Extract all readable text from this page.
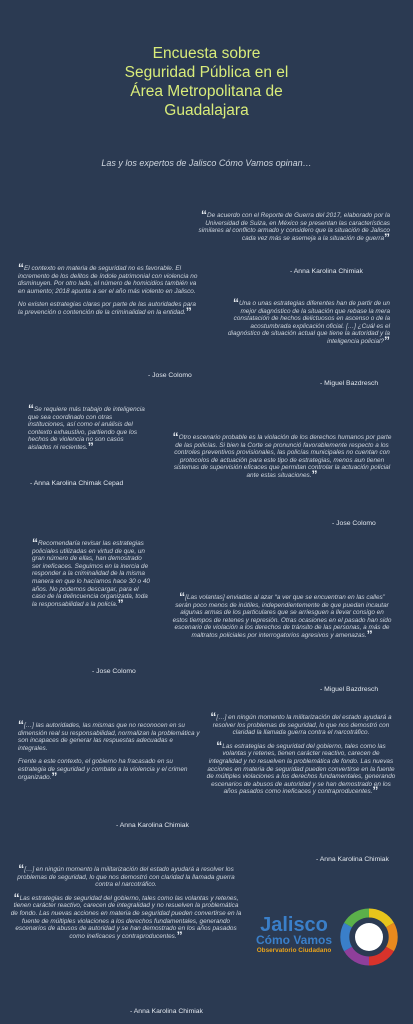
Encuesta sobre
Seguridad Pública en el
Área Metropolitana de
Guadalajara
Las y los expertos de Jalisco Cómo Vamos opinan…
“De acuerdo con el Reporte de Guerra del 2017, elaborado por la Universidad de Suiza, en México se presentan las características similares al conflicto armado y considero que la situación de Jalisco cada vez más se asemeja a la situación de guerra”
- Anna Karolina Chimiak

“El contexto en materia de seguridad no es favorable. El incremento de los delitos de índole patrimonial con violencia no disminuyen. Por otro lado, el número de homicidios también va en aumento; 2018 apunta a ser el año más violento en Jalisco.

No existen estrategias claras por parte de las autoridades para la prevención o contención de la criminalidad en la entidad.”

- Jose Colomo
“Una o unas estrategias diferentes han de partir de un mejor diagnóstico de la situación que rebase la mera constatación de hechos delictuosos en ascenso o de la acostumbrada explicación oficial. […] ¿Cuál es el diagnóstico de situación actual que tiene la autoridad y la inteligencia policial?”
- Miguel Bazdresch
“Se requiere más trabajo de inteligencia que sea coordinado con otras instituciones, así como el análisis del contexto exhaustivo, partiendo que los hechos de violencia no son casos aislados ni recientes.”
- Anna Karolina Chimak Cepad
“Otro escenario probable es la violación de los derechos humanos por parte de las policías. Si bien la Corte se pronunció favorablemente respecto a los controles preventivos provisionales, las policías municipales no cuentan con protocolos de actuación para este tipo de estrategias, menos aun tienen sistemas de supervisión eficaces que permitan controlar la actuación policial ante estas situaciones.”
- Jose Colomo
“Recomendaría revisar las estrategias policiales utilizadas en virtud de que, un gran número de ellas, han demostrado ser ineficaces. Seguimos en la inercia de responder a la criminalidad de la misma manera en que lo hacíamos hace 30 o 40 años. No podemos descargar, para el caso de la delincuencia organizada, toda la responsabilidad a la policía.”
- Jose Colomo
“[Las volantas] enviadas al azar “a ver que se encuentran en las calles” serán poco menos de inútiles, independientemente de que puedan incautar algunas armas de los particulares que se arriesguen a llevar consigo en estos tiempos de retenes y represión. Otras ocasiones en el pasado han sido escenario de violación a los derechos de tránsito de las personas, a más de maltratos policiales por interrogatorios agresivos y amenazas.”
- Miguel Bazdresch

“[…] las autoridades, las mismas que no reconocen en su dimensión real su responsabilidad, normalizan la problemática y son incapaces de generar las respuestas adecuadas e integrales.

Frente a este contexto, el gobierno ha fracasado en su estrategia de seguridad y combate a la violencia y el crimen organizado.”

- Anna Karolina Chimiak

“[…] en ningún momento la militarización del estado ayudará a resolver los problemas de seguridad, lo que nos demostró con claridad la llamada guerra contra el narcotráfico.

“Las estrategias de seguridad del gobierno, tales como las volantas y retenes, tienen carácter reactivo, carecen de integralidad y no resuelven la problemática de fondo. Las nuevas acciones en materia de seguridad pueden convertirse en la fuente de múltiples violaciones a los derechos fundamentales, generando escenarios de abusos de autoridad y se han demostrado en los años pasados como ineficaces y contraproducentes.”

- Anna Karolina Chimiak

“[…] en ningún momento la militarización del estado ayudará a resolver los problemas de seguridad, lo que nos demostró con claridad la llamada guerra contra el narcotráfico.

“Las estrategias de seguridad del gobierno, tales como las volantas y retenes, tienen carácter reactivo, carecen de integralidad y no resuelven la problemática de fondo. Las nuevas acciones en materia de seguridad pueden convertirse en la fuente de múltiples violaciones a los derechos fundamentales, generando escenarios de abusos de autoridad y se han demostrado en los años pasados como ineficaces y contraproducentes.”

- Anna Karolina Chimiak
Jalisco
Cómo Vamos
Observatorio Ciudadano
